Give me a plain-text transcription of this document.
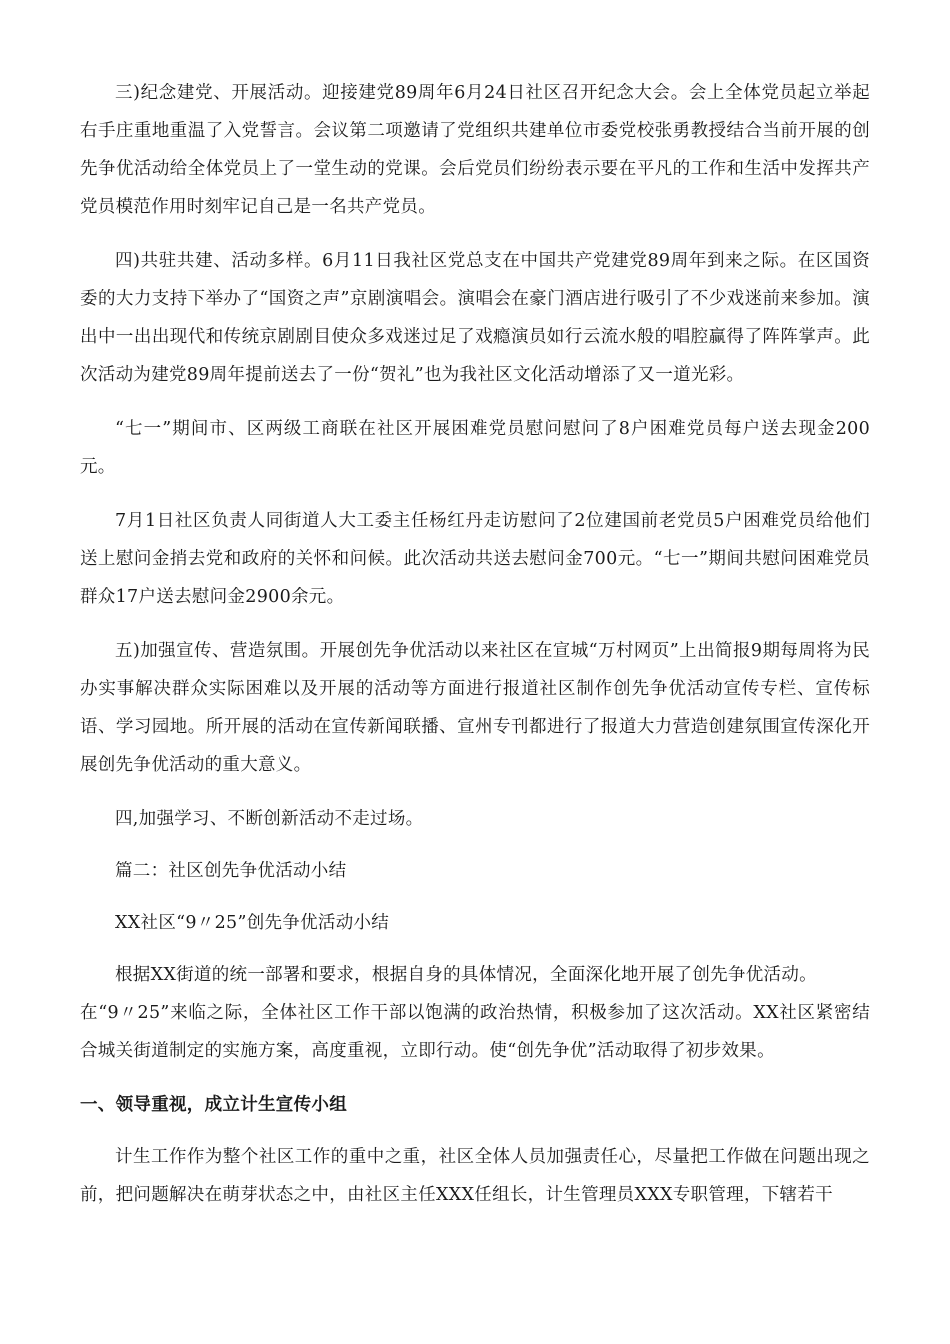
三)纪念建党、开展活动。迎接建党89周年6月24日社区召开纪念大会。会上全体党员起立举起右手庄重地重温了入党誓言。会议第二项邀请了党组织共建单位市委党校张勇教授结合当前开展的创先争优活动给全体党员上了一堂生动的党课。会后党员们纷纷表示要在平凡的工作和生活中发挥共产党员模范作用时刻牢记自己是一名共产党员。

四)共驻共建、活动多样。6月11日我社区党总支在中国共产党建党89周年到来之际。在区国资委的大力支持下举办了“国资之声”京剧演唱会。演唱会在豪门酒店进行吸引了不少戏迷前来参加。演出中一出出现代和传统京剧剧目使众多戏迷过足了戏瘾演员如行云流水般的唱腔赢得了阵阵掌声。此次活动为建党89周年提前送去了一份“贺礼”也为我社区文化活动增添了又一道光彩。

“七一”期间市、区两级工商联在社区开展困难党员慰问慰问了8户困难党员每户送去现金200元。

7月1日社区负责人同街道人大工委主任杨红丹走访慰问了2位建国前老党员5户困难党员给他们送上慰问金捎去党和政府的关怀和问候。此次活动共送去慰问金700元。“七一”期间共慰问困难党员群众17户送去慰问金2900余元。

五)加强宣传、营造氛围。开展创先争优活动以来社区在宣城“万村网页”上出简报9期每周将为民办实事解决群众实际困难以及开展的活动等方面进行报道社区制作创先争优活动宣传专栏、宣传标语、学习园地。所开展的活动在宣传新闻联播、宣州专刊都进行了报道大力营造创建氛围宣传深化开展创先争优活动的重大意义。

四,加强学习、不断创新活动不走过场。

篇二：社区创先争优活动小结

XX社区“9〃25”创先争优活动小结

根据XX街道的统一部署和要求，根据自身的具体情况，全面深化地开展了创先争优活动。

在“9〃25”来临之际，全体社区工作干部以饱满的政治热情，积极参加了这次活动。XX社区紧密结合城关街道制定的实施方案，高度重视，立即行动。使“创先争优”活动取得了初步效果。

一、领导重视，成立计生宣传小组

计生工作作为整个社区工作的重中之重，社区全体人员加强责任心，尽量把工作做在问题出现之前，把问题解决在萌芽状态之中，由社区主任XXX任组长，计生管理员XXX专职管理，下辖若干
